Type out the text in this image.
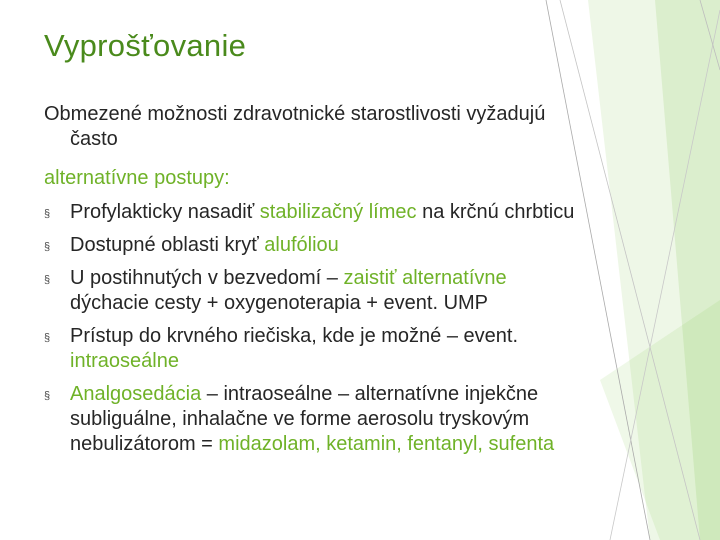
Vyprošťovanie
Obmezené možnosti zdravotnické starostlivosti vyžadujú
často
alternatívne postupy:
§ Profylakticky nasadiť stabilizačný límec na krčnú chrbticu
§ Dostupné oblasti kryť alufóliou
§ U postihnutých v bezvedomí – zaistiť alternatívne
dýchacie cesty + oxygenoterapia + event. UMP
§ Prístup do krvného riečiska, kde je možné – event.
intraoseálne
§ Analgosedácia – intraoseálne – alternatívne injekčne
subliguálne, inhalačne ve forme aerosolu tryskovým
nebulizátorom = midazolam, ketamin, fentanyl, sufenta
